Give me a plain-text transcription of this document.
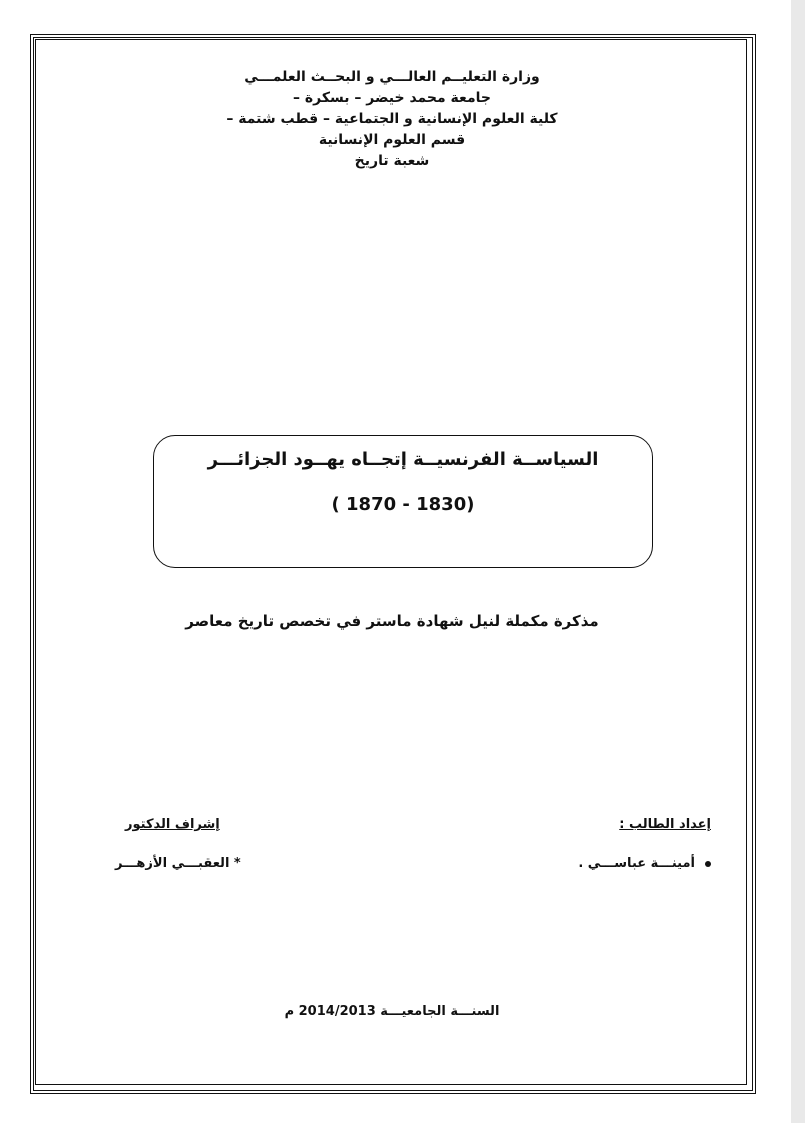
وزارة التعليــم العالـــي و البحــث العلمـــي
جامعة محمد خيضر – بسكرة –
كلية العلوم الإنسانية و الجتماعية – قطب شتمة –
قسم العلوم الإنسانية
شعبة تاريخ
السياســة الفرنسيــة إتجــاه يهــود الجزائـــر
( 1870 - 1830)
مذكرة مكملة لنيل شهادة ماستر في تخصص تاريخ معاصر
إعداد الطالب :
أمينـــة عباســـي .
إشراف الدكتور
* العقبـــي الأزهـــر
السنـــة الجامعيـــة 2014/2013 م
